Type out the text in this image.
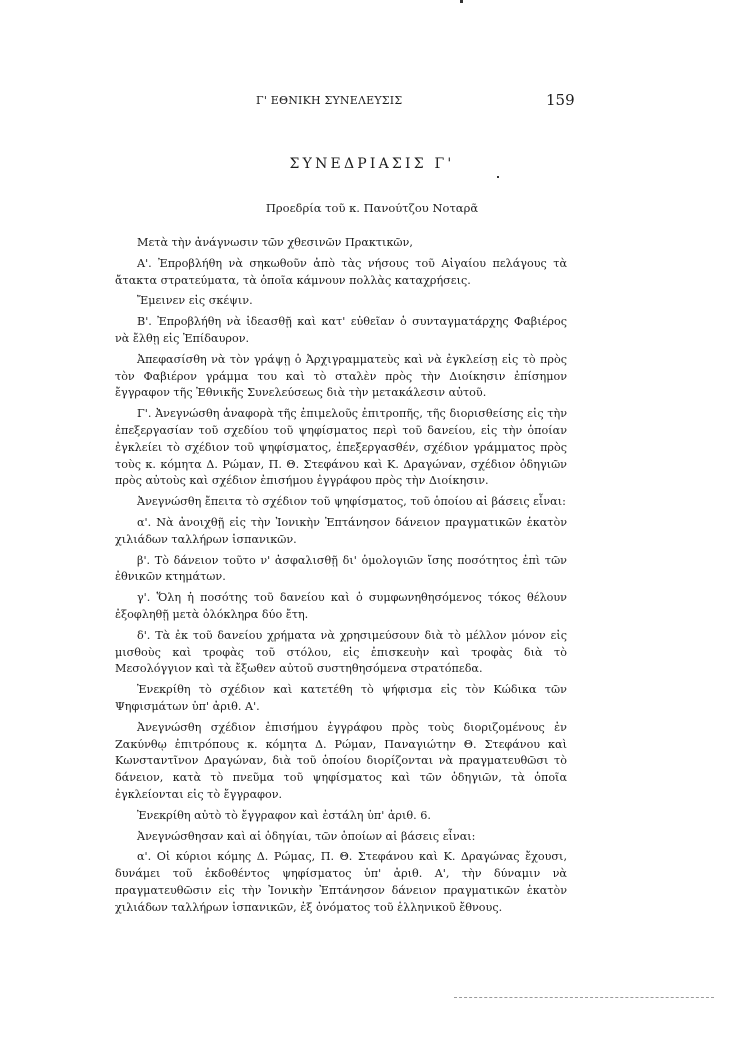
Γ' ΕΘΝΙΚΗ ΣΥΝΕΛΕΥΣΙΣ	159
ΣΥΝΕΔΡΙΑΣΙΣ Γ'
Προεδρία τοῦ κ. Πανούτζου Νοταρᾶ

Μετὰ τὴν ἀνάγνωσιν τῶν χθεσινῶν Πρακτικῶν,

Α'. Ἐπροβλήθη νὰ σηκωθοῦν ἀπὸ τὰς νήσους τοῦ Αἰγαίου πελάγους τὰ ἄτακτα στρατεύματα, τὰ ὁποῖα κάμνουν πολλὰς καταχρήσεις.

Ἔμεινεν εἰς σκέψιν.

Β'. Ἐπροβλήθη νὰ ἰδεασθῇ καὶ κατ' εὐθεῖαν ὁ συνταγματάρχης Φαβιέρος νὰ ἔλθῃ εἰς Ἐπίδαυρον.

Ἀπεφασίσθη νὰ τὸν γράψῃ ὁ Ἀρχιγραμματεὺς καὶ νὰ ἐγκλείσῃ εἰς τὸ πρὸς τὸν Φαβιέρον γράμμα του καὶ τὸ σταλὲν πρὸς τὴν Διοίκησιν ἐπίσημον ἔγγραφον τῆς Ἐθνικῆς Συνελεύσεως διὰ τὴν μετακάλεσιν αὐτοῦ.

Γ'. Ἀνεγνώσθη ἀναφορὰ τῆς ἐπιμελοῦς ἐπιτροπῆς, τῆς διορισθείσης εἰς τὴν ἐπεξεργασίαν τοῦ σχεδίου τοῦ ψηφίσματος περὶ τοῦ δανείου, εἰς τὴν ὁποίαν ἐγκλείει τὸ σχέδιον τοῦ ψηφίσματος, ἐπεξεργασθέν, σχέδιον γράμματος πρὸς τοὺς κ. κόμητα Δ. Ρώμαν, Π. Θ. Στεφάνου καὶ Κ. Δραγώναν, σχέδιον ὁδηγιῶν πρὸς αὐτοὺς καὶ σχέδιον ἐπισήμου ἐγγράφου πρὸς τὴν Διοίκησιν.

Ἀνεγνώσθη ἔπειτα τὸ σχέδιον τοῦ ψηφίσματος, τοῦ ὁποίου αἱ βάσεις εἶναι:

α'. Νὰ ἀνοιχθῇ εἰς τὴν Ἰονικὴν Ἐπτάνησον δάνειον πραγματικῶν ἑκατὸν χιλιάδων ταλλήρων ἱσπανικῶν.

β'. Τὸ δάνειον τοῦτο ν' ἀσφαλισθῇ δι' ὁμολογιῶν ἴσης ποσότητος ἐπὶ τῶν ἐθνικῶν κτημάτων.

γ'. Ὅλη ἡ ποσότης τοῦ δανείου καὶ ὁ συμφωνηθησόμενος τόκος θέλουν ἐξοφληθῇ μετὰ ὁλόκληρα δύο ἔτη.

δ'. Τὰ ἐκ τοῦ δανείου χρήματα νὰ χρησιμεύσουν διὰ τὸ μέλλον μόνον εἰς μισθοὺς καὶ τροφὰς τοῦ στόλου, εἰς ἐπισκευὴν καὶ τροφὰς διὰ τὸ Μεσολόγγιον καὶ τὰ ἔξωθεν αὐτοῦ συστηθησόμενα στρατόπεδα.

Ἐνεκρίθη τὸ σχέδιον καὶ κατετέθη τὸ ψήφισμα εἰς τὸν Κώδικα τῶν Ψηφισμάτων ὑπ' ἀριθ. Α'.

Ἀνεγνώσθη σχέδιον ἐπισήμου ἐγγράφου πρὸς τοὺς διοριζομένους ἐν Ζακύνθῳ ἐπιτρόπους κ. κόμητα Δ. Ρώμαν, Παναγιώτην Θ. Στεφάνου καὶ Κωνσταντῖνον Δραγώναν, διὰ τοῦ ὁποίου διορίζονται νὰ πραγματευθῶσι τὸ δάνειον, κατὰ τὸ πνεῦμα τοῦ ψηφίσματος καὶ τῶν ὁδηγιῶν, τὰ ὁποῖα ἐγκλείονται εἰς τὸ ἔγγραφον.

Ἐνεκρίθη αὐτὸ τὸ ἔγγραφον καὶ ἐστάλη ὑπ' ἀριθ. 6.

Ἀνεγνώσθησαν καὶ αἱ ὁδηγίαι, τῶν ὁποίων αἱ βάσεις εἶναι:

α'. Οἱ κύριοι κόμης Δ. Ρώμας, Π. Θ. Στεφάνου καὶ Κ. Δραγώνας ἔχουσι, δυνάμει τοῦ ἐκδοθέντος ψηφίσματος ὑπ' ἀριθ. Α', τὴν δύναμιν νὰ πραγματευθῶσιν εἰς τὴν Ἰονικὴν Ἐπτάνησον δάνειον πραγματικῶν ἑκατὸν χιλιάδων ταλλήρων ἱσπανικῶν, ἐξ ὀνόματος τοῦ ἑλληνικοῦ ἔθνους.
